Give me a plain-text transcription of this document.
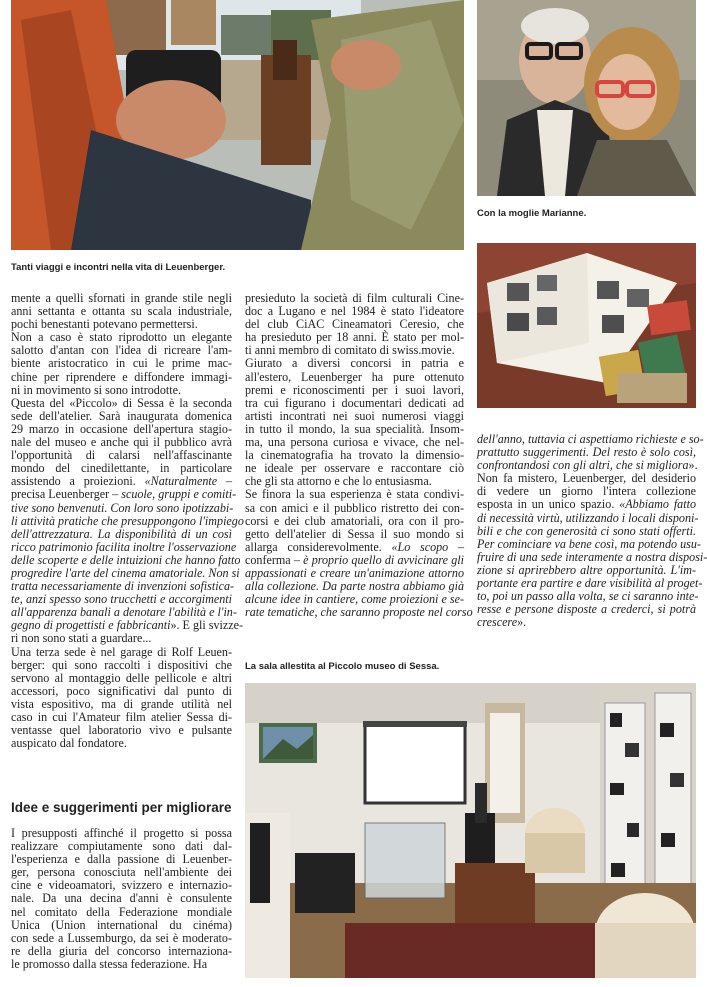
Tanti viaggi e incontri nella vita di Leuenberger.
Con la moglie Marianne.
La sala allestita al Piccolo museo di Sessa.
mente a quelli sfornati in grande stile negli
anni settanta e ottanta su scala industriale,
pochi benestanti potevano permettersi.
Non a caso è stato riprodotto un elegante
salotto d'antan con l'idea di ricreare l'am-
biente aristocratico in cui le prime mac-
chine per riprendere e diffondere immagi-
ni in movimento si sono introdotte.
Questa del «Piccolo» di Sessa è la seconda
sede dell'atelier. Sarà inaugurata domenica
29 marzo in occasione dell'apertura stagio-
nale del museo e anche qui il pubblico avrà
l'opportunità di calarsi nell'affascinante
mondo del cinedilettante, in particolare
assistendo a proiezioni. «Naturalmente –
precisa Leuenberger – scuole, gruppi e comiti-
tive sono benvenuti. Con loro sono ipotizzabi-
li attività pratiche che presuppongono l'impiego
dell'attrezzatura. La disponibilità di un così
ricco patrimonio facilita inoltre l'osservazione
delle scoperte e delle intuizioni che hanno fatto
progredire l'arte del cinema amatoriale. Non si
tratta necessariamente di invenzioni sofistica-
te, anzi spesso sono trucchetti e accorgimenti
all'apparenza banali a denotare l'abilità e l'in-
gegno di progettisti e fabbricanti». E gli svizze-
ri non sono stati a guardare...
Una terza sede è nel garage di Rolf Leuen-
berger: qui sono raccolti i dispositivi che
servono al montaggio delle pellicole e altri
accessori, poco significativi dal punto di
vista espositivo, ma di grande utilità nel
caso in cui l'Amateur film atelier Sessa di-
ventasse quel laboratorio vivo e pulsante
auspicato dal fondatore.
Idee e suggerimenti per migliorare
I presupposti affinché il progetto si possa
realizzare compiutamente sono dati dal-
l'esperienza e dalla passione di Leuenber-
ger, persona conosciuta nell'ambiente dei
cine e videoamatori, svizzero e internazio-
nale. Da una decina d'anni è consulente
nel comitato della Federazione mondiale
Unica (Union international du cinéma)
con sede a Lussemburgo, da sei è moderato-
re della giuria del concorso internaziona-
le promosso dalla stessa federazione. Ha
presieduto la società di film culturali Cine-
doc a Lugano e nel 1984 è stato l'ideatore
del club CiAC Cineamatori Ceresio, che
ha presieduto per 18 anni. È stato per mol-
ti anni membro di comitato di swiss.movie.
Giurato a diversi concorsi in patria e
all'estero, Leuenberger ha pure ottenuto
premi e riconoscimenti per i suoi lavori,
tra cui figurano i documentari dedicati ad
artisti incontrati nei suoi numerosi viaggi
in tutto il mondo, la sua specialità. Insom-
ma, una persona curiosa e vivace, che nel-
la cinematografia ha trovato la dimensio-
ne ideale per osservare e raccontare ciò
che gli sta attorno e che lo entusiasma.
Se finora la sua esperienza è stata condivi-
sa con amici e il pubblico ristretto dei con-
corsi e dei club amatoriali, ora con il pro-
getto dell'atelier di Sessa il suo mondo si
allarga considerevolmente. «Lo scopo –
conferma – è proprio quello di avvicinare gli
appassionati e creare un'animazione attorno
alla collezione. Da parte nostra abbiamo già
alcune idee in cantiere, come proiezioni e se-
rate tematiche, che saranno proposte nel corso
dell'anno, tuttavia ci aspettiamo richieste e so-
prattutto suggerimenti. Del resto è solo così,
confrontandosi con gli altri, che si migliora».
Non fa mistero, Leuenberger, del desiderio
di vedere un giorno l'intera collezione
esposta in un unico spazio. «Abbiamo fatto
di necessità virtù, utilizzando i locali disponi-
bili e che con generosità ci sono stati offerti.
Per cominciare va bene così, ma potendo usu-
fruire di una sede interamente a nostra disposi-
zione si aprirebbero altre opportunità. L'im-
portante era partire e dare visibilità al proget-
to, poi un passo alla volta, se ci saranno inte-
resse e persone disposte a crederci, si potrà
crescere».
